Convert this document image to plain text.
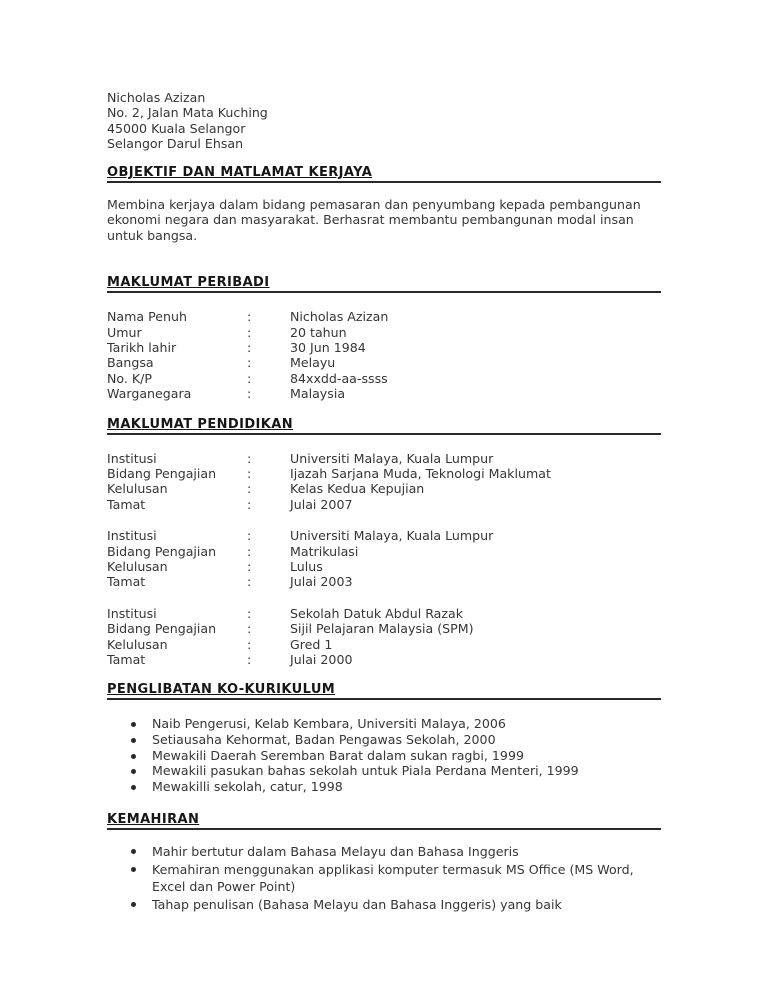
Nicholas Azizan
No. 2, Jalan Mata Kuching
45000 Kuala Selangor
Selangor Darul Ehsan
OBJEKTIF DAN MATLAMAT KERJAYA
Membina kerjaya dalam bidang pemasaran dan penyumbang kepada pembangunan ekonomi negara dan masyarakat. Berhasrat membantu pembangunan modal insan untuk bangsa.
MAKLUMAT PERIBADI
Nama Penuh	:	Nicholas Azizan
Umur	:	20 tahun
Tarikh lahir	:	30 Jun 1984
Bangsa	:	Melayu
No. K/P	:	84xxdd-aa-ssss
Warganegara	:	Malaysia
MAKLUMAT PENDIDIKAN
Institusi	:	Universiti Malaya, Kuala Lumpur
Bidang Pengajian	:	Ijazah Sarjana Muda, Teknologi Maklumat
Kelulusan	:	Kelas Kedua Kepujian
Tamat	:	Julai 2007
Institusi	:	Universiti Malaya, Kuala Lumpur
Bidang Pengajian	:	Matrikulasi
Kelulusan	:	Lulus
Tamat	:	Julai 2003
Institusi	:	Sekolah Datuk Abdul Razak
Bidang Pengajian	:	Sijil Pelajaran Malaysia (SPM)
Kelulusan	:	Gred 1
Tamat	:	Julai 2000
PENGLIBATAN KO-KURIKULUM
Naib Pengerusi, Kelab Kembara, Universiti Malaya, 2006
Setiausaha Kehormat, Badan Pengawas Sekolah, 2000
Mewakili Daerah Seremban Barat dalam sukan ragbi, 1999
Mewakili pasukan bahas sekolah untuk Piala Perdana Menteri, 1999
Mewakilli sekolah, catur, 1998
KEMAHIRAN
Mahir bertutur dalam Bahasa Melayu dan Bahasa Inggeris
Kemahiran menggunakan applikasi komputer termasuk MS Office (MS Word, Excel dan Power Point)
Tahap penulisan (Bahasa Melayu dan Bahasa Inggeris) yang baik
